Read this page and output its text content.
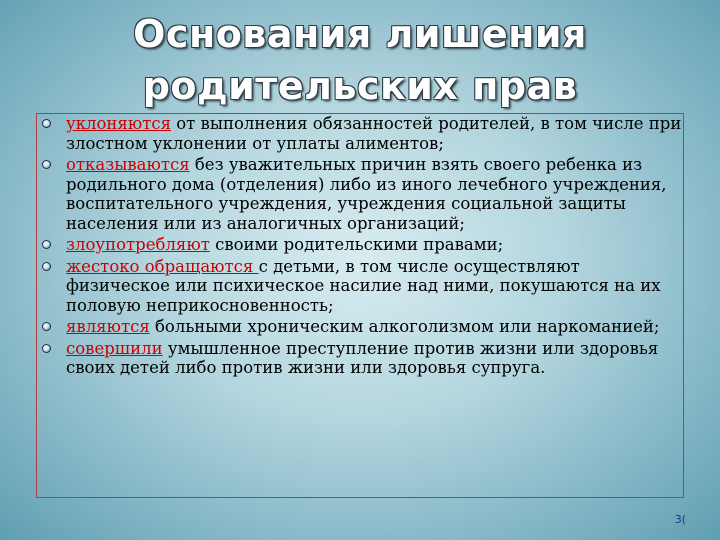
Основания лишения
родительских прав
уклоняются от выполнения обязанностей родителей, в том числе при злостном уклонении от уплаты алиментов;
отказываются без уважительных причин взять своего ребенка из родильного дома (отделения) либо из иного лечебного учреждения, воспитательного учреждения, учреждения социальной защиты населения или из аналогичных организаций;
злоупотребляют своими родительскими правами;
жестоко обращаются с детьми, в том числе осуществляют физическое или психическое насилие над ними, покушаются на их половую неприкосновенность;
являются больными хроническим алкоголизмом или наркоманией;
совершили умышленное преступление против жизни или здоровья своих детей либо против жизни или здоровья супруга.
3(
